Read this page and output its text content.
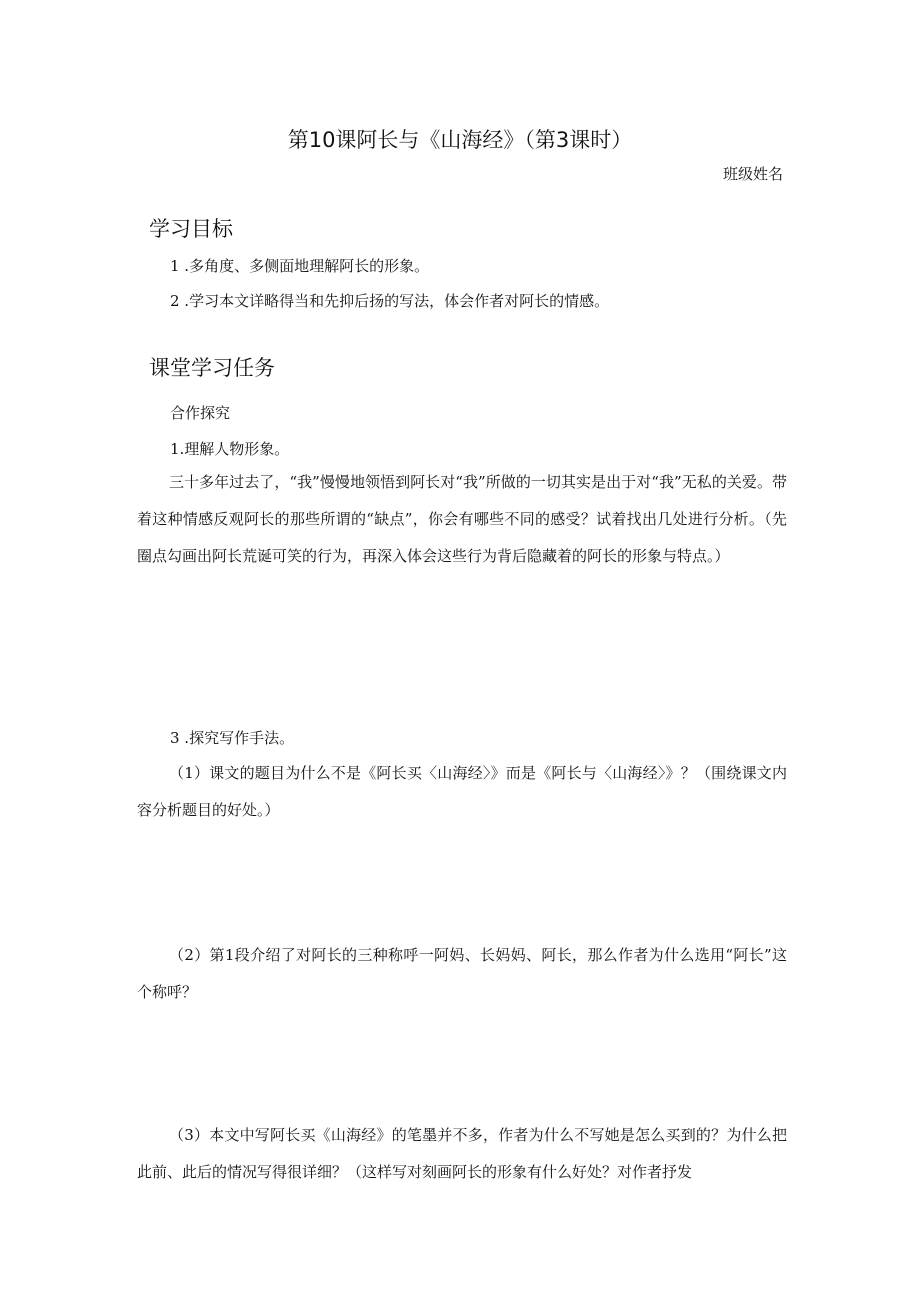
第10课阿长与《山海经》（第3课时）
班级姓名
学习目标
1 .多角度、多侧面地理解阿长的形象。
2 .学习本文详略得当和先抑后扬的写法，体会作者对阿长的情感。
课堂学习任务
合作探究
1.理解人物形象。
三十多年过去了，“我”慢慢地领悟到阿长对“我”所做的一切其实是出于对“我”无私的关爱。带着这种情感反观阿长的那些所谓的“缺点”，你会有哪些不同的感受？试着找出几处进行分析。（先圈点勾画出阿长荒诞可笑的行为，再深入体会这些行为背后隐藏着的阿长的形象与特点。）
3 .探究写作手法。
（1）课文的题目为什么不是《阿长买〈山海经〉》而是《阿长与〈山海经〉》？（围绕课文内容分析题目的好处。）
（2）第1段介绍了对阿长的三种称呼一阿妈、长妈妈、阿长，那么作者为什么选用“阿长”这个称呼？
（3）本文中写阿长买《山海经》的笔墨并不多，作者为什么不写她是怎么买到的？为什么把此前、此后的情况写得很详细？（这样写对刻画阿长的形象有什么好处？对作者抒发
